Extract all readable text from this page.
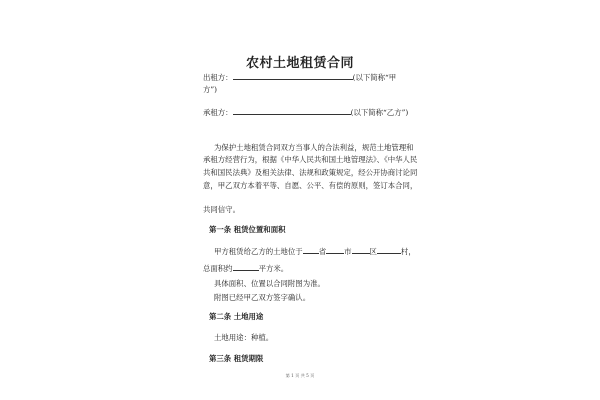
农村土地租赁合同
出租方：	(以下简称“甲
方”)
承租方：	(以下简称“乙方”)
为保护土地租赁合同双方当事人的合法利益，规范土地管理和
承租方经营行为，根据《中华人民共和国土地管理法》、《中华人民
共和国民法典》及相关法律、法规和政策规定，经公开协商讨论同
意，甲乙双方本着平等、自愿、公平、有偿的原则，签订本合同，
共同信守。
第一条 租赁位置和面积
甲方租赁给乙方的土地位于 省 市 区	村，
总面积约	平方米。
具体面积、位置以合同附图为准。
附图已经甲乙双方签字确认。
第二条 土地用途
土地用途：种植。
第三条 租赁期限
第 1 页 共 5 页
